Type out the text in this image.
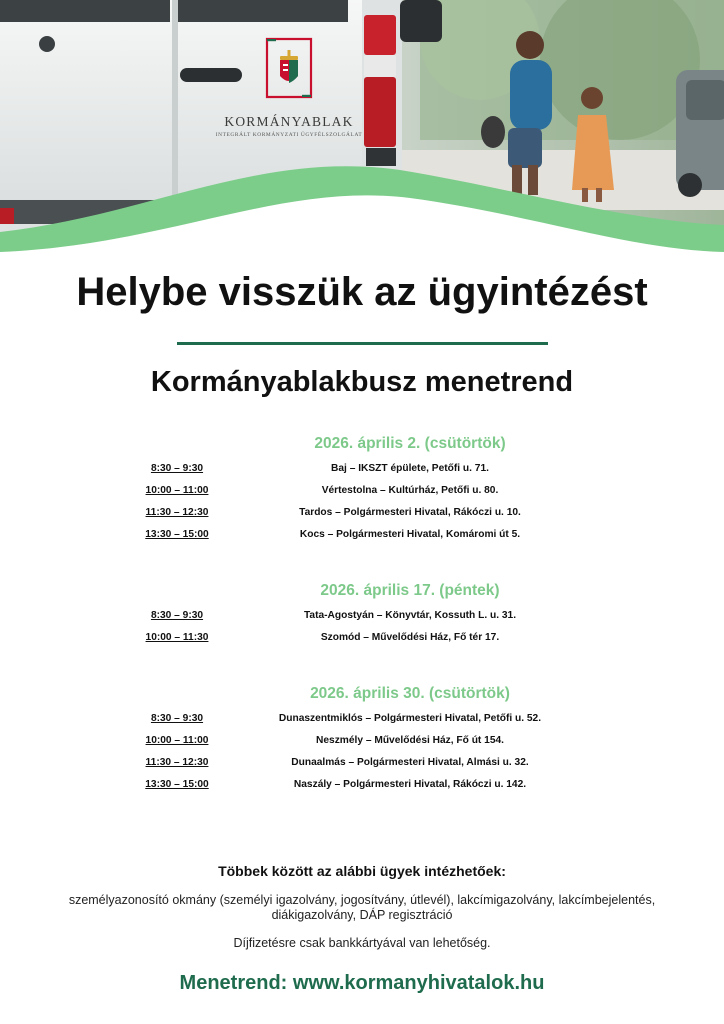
KORMÁNYABLAK
INTEGRÁLT KORMÁNYZATI ÜGYFÉLSZOLGÁLAT
Helybe visszük az ügyintézést
Kormányablakbusz menetrend
2026. április 2. (csütörtök)
8:30 – 9:30	Baj – IKSZT épülete, Petőfi u. 71.
10:00 – 11:00	Vértestolna – Kultúrház, Petőfi u. 80.
11:30 – 12:30	Tardos – Polgármesteri Hivatal, Rákóczi u. 10.
13:30 – 15:00	Kocs – Polgármesteri Hivatal, Komáromi út 5.
2026. április 17. (péntek)
8:30 – 9:30	Tata-Agostyán – Könyvtár, Kossuth L. u. 31.
10:00 – 11:30	Szomód – Művelődési Ház, Fő tér 17.
2026. április 30. (csütörtök)
8:30 – 9:30	Dunaszentmiklós – Polgármesteri Hivatal, Petőfi u. 52.
10:00 – 11:00	Neszmély – Művelődési Ház, Fő út 154.
11:30 – 12:30	Dunaalmás – Polgármesteri Hivatal, Almási u. 32.
13:30 – 15:00	Naszály – Polgármesteri Hivatal, Rákóczi u. 142.
Többek között az alábbi ügyek intézhetőek:
személyazonosító okmány (személyi igazolvány, jogosítvány, útlevél), lakcímigazolvány, lakcímbejelentés, diákigazolvány, DÁP regisztráció
Díjfizetésre csak bankkártyával van lehetőség.
Menetrend: www.kormanyhivatalok.hu
